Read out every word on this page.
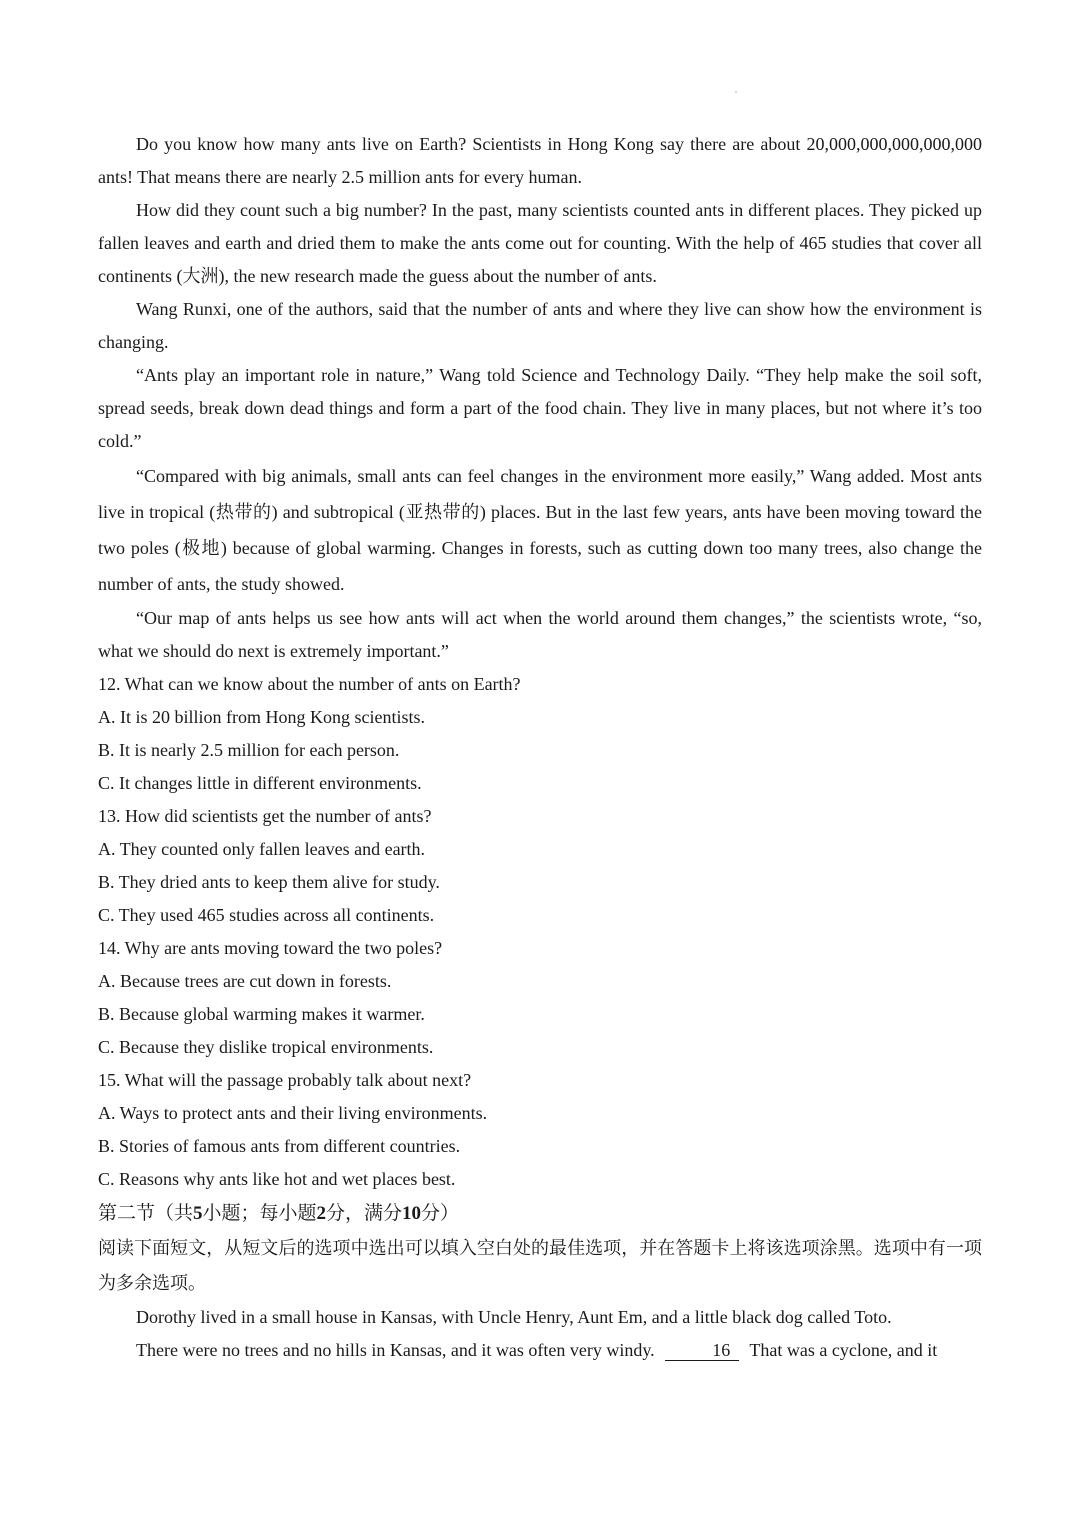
Do you know how many ants live on Earth? Scientists in Hong Kong say there are about 20,000,000,000,000,000 ants! That means there are nearly 2.5 million ants for every human.

How did they count such a big number? In the past, many scientists counted ants in different places. They picked up fallen leaves and earth and dried them to make the ants come out for counting. With the help of 465 studies that cover all continents (大洲), the new research made the guess about the number of ants.

Wang Runxi, one of the authors, said that the number of ants and where they live can show how the environment is changing.

“Ants play an important role in nature,” Wang told Science and Technology Daily. “They help make the soil soft, spread seeds, break down dead things and form a part of the food chain. They live in many places, but not where it’s too cold.”

“Compared with big animals, small ants can feel changes in the environment more easily,” Wang added. Most ants live in tropical (热带的) and subtropical (亚热带的) places. But in the last few years, ants have been moving toward the two poles (极地) because of global warming. Changes in forests, such as cutting down too many trees, also change the number of ants, the study showed.

“Our map of ants helps us see how ants will act when the world around them changes,” the scientists wrote, “so, what we should do next is extremely important.”

12. What can we know about the number of ants on Earth?

A. It is 20 billion from Hong Kong scientists.

B. It is nearly 2.5 million for each person.

C. It changes little in different environments.

13. How did scientists get the number of ants?

A. They counted only fallen leaves and earth.

B. They dried ants to keep them alive for study.

C. They used 465 studies across all continents.

14. Why are ants moving toward the two poles?

A. Because trees are cut down in forests.

B. Because global warming makes it warmer.

C. Because they dislike tropical environments.

15. What will the passage probably talk about next?

A. Ways to protect ants and their living environments.

B. Stories of famous ants from different countries.

C. Reasons why ants like hot and wet places best.

第二节（共5小题；每小题2分，满分10分）

阅读下面短文，从短文后的选项中选出可以填入空白处的最佳选项，并在答题卡上将该选项涂黑。选项中有一项为多余选项。

Dorothy lived in a small house in Kansas, with Uncle Henry, Aunt Em, and a little black dog called Toto.

There were no trees and no hills in Kansas, and it was often very windy.	16 That was a cyclone, and it
